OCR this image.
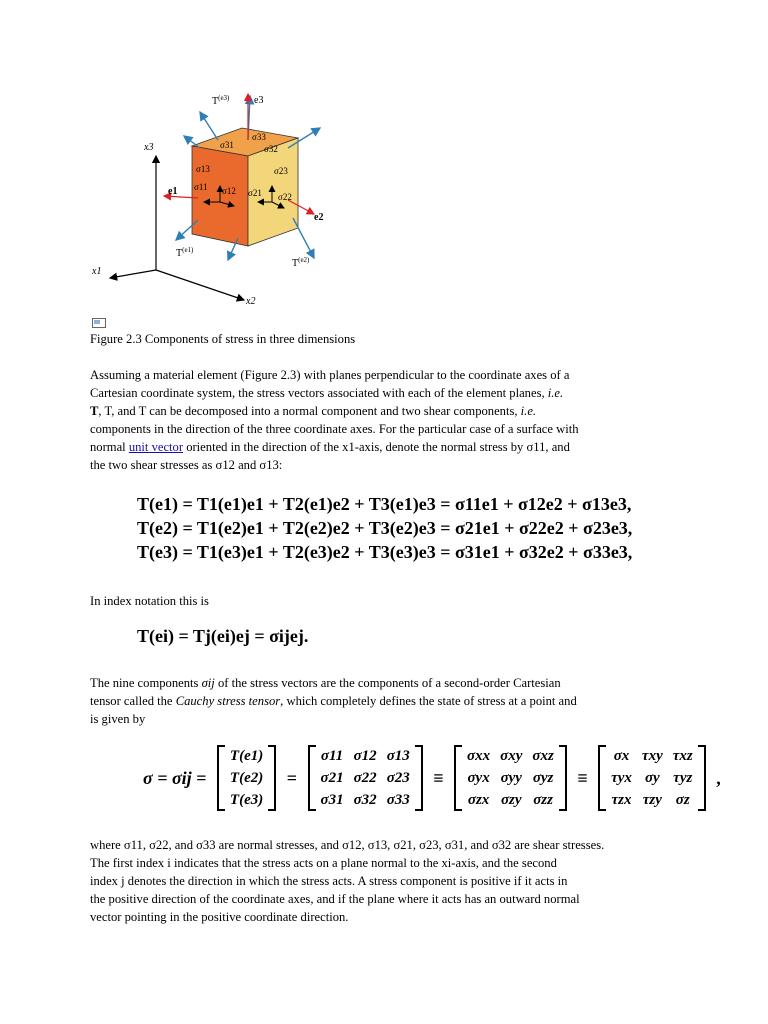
$T^{(e3)}$ e3
x3
x1
x2
e1
e2
$T^{(e1)}$
$T^{(e2)}$
σ31
σ33
σ32
σ13
σ11 σ12 σ21
σ23
σ22
Figure 2.3 Components of stress in three dimensions
Assuming a material element (Figure 2.3) with planes perpendicular to the coordinate axes of a
Cartesian coordinate system, the stress vectors associated with each of the element planes, i.e.
T, T, and T can be decomposed into a normal component and two shear components, i.e.
components in the direction of the three coordinate axes. For the particular case of a surface with
normal unit vector oriented in the direction of the x1-axis, denote the normal stress by σ11, and
the two shear stresses as σ12 and σ13:
T(e1) = T1(e1)e1 + T2(e1)e2 + T3(e1)e3 = σ11e1 + σ12e2 + σ13e3,
T(e2) = T1(e2)e1 + T2(e2)e2 + T3(e2)e3 = σ21e1 + σ22e2 + σ23e3,
T(e3) = T1(e3)e1 + T2(e3)e2 + T3(e3)e3 = σ31e1 + σ32e2 + σ33e3,
In index notation this is
T(ei) = Tj(ei)ej = σijej.
The nine components σij of the stress vectors are the components of a second-order Cartesian
tensor called the Cauchy stress tensor, which completely defines the state of stress at a point and
is given by
σ = σij =
T(e1)
T(e2)
T(e3)
=
σ11	σ12	σ13
σ21	σ22	σ23
σ31	σ32	σ33
≡
σxx	σxy	σxz
σyx	σyy	σyz
σzx	σzy	σzz
≡
σx	τxy	τxz
τyx	σy	τyz
τzx	τzy	σz
,
where σ11, σ22, and σ33 are normal stresses, and σ12, σ13, σ21, σ23, σ31, and σ32 are shear stresses.
The first index i indicates that the stress acts on a plane normal to the xi-axis, and the second
index j denotes the direction in which the stress acts. A stress component is positive if it acts in
the positive direction of the coordinate axes, and if the plane where it acts has an outward normal
vector pointing in the positive coordinate direction.
